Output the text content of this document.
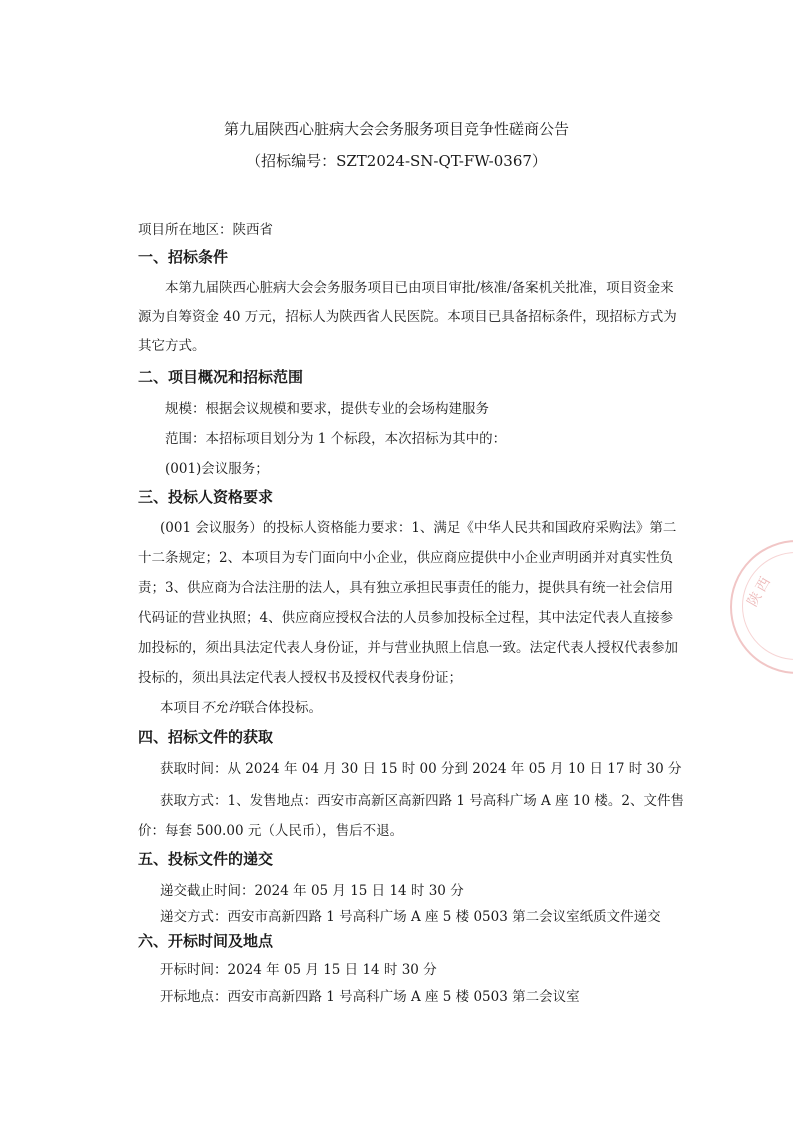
第九届陕西心脏病大会会务服务项目竞争性磋商公告
（招标编号：SZT2024-SN-QT-FW-0367）
项目所在地区：陕西省
一、招标条件
本第九届陕西心脏病大会会务服务项目已由项目审批/核准/备案机关批准，项目资金来
源为自筹资金 40 万元，招标人为陕西省人民医院。本项目已具备招标条件，现招标方式为
其它方式。
二、项目概况和招标范围
规模：根据会议规模和要求，提供专业的会场构建服务
范围：本招标项目划分为 1 个标段，本次招标为其中的：
(001)会议服务；
三、投标人资格要求
(001 会议服务）的投标人资格能力要求：1、满足《中华人民共和国政府采购法》第二
十二条规定；2、本项目为专门面向中小企业，供应商应提供中小企业声明函并对真实性负
责；3、供应商为合法注册的法人，具有独立承担民事责任的能力，提供具有统一社会信用
代码证的营业执照；4、供应商应授权合法的人员参加投标全过程，其中法定代表人直接参
加投标的，须出具法定代表人身份证，并与营业执照上信息一致。法定代表人授权代表参加
投标的，须出具法定代表人授权书及授权代表身份证；
本项目不允许联合体投标。
四、招标文件的获取
获取时间：从 2024 年 04 月 30 日 15 时 00 分到 2024 年 05 月 10 日 17 时 30 分
获取方式：1、发售地点：西安市高新区高新四路 1 号高科广场 A 座 10 楼。2、文件售
价：每套 500.00 元（人民币），售后不退。
五、投标文件的递交
递交截止时间：2024 年 05 月 15 日 14 时 30 分
递交方式：西安市高新四路 1 号高科广场 A 座 5 楼 0503 第二会议室纸质文件递交
六、开标时间及地点
开标时间：2024 年 05 月 15 日 14 时 30 分
开标地点：西安市高新四路 1 号高科广场 A 座 5 楼 0503 第二会议室
陕西
